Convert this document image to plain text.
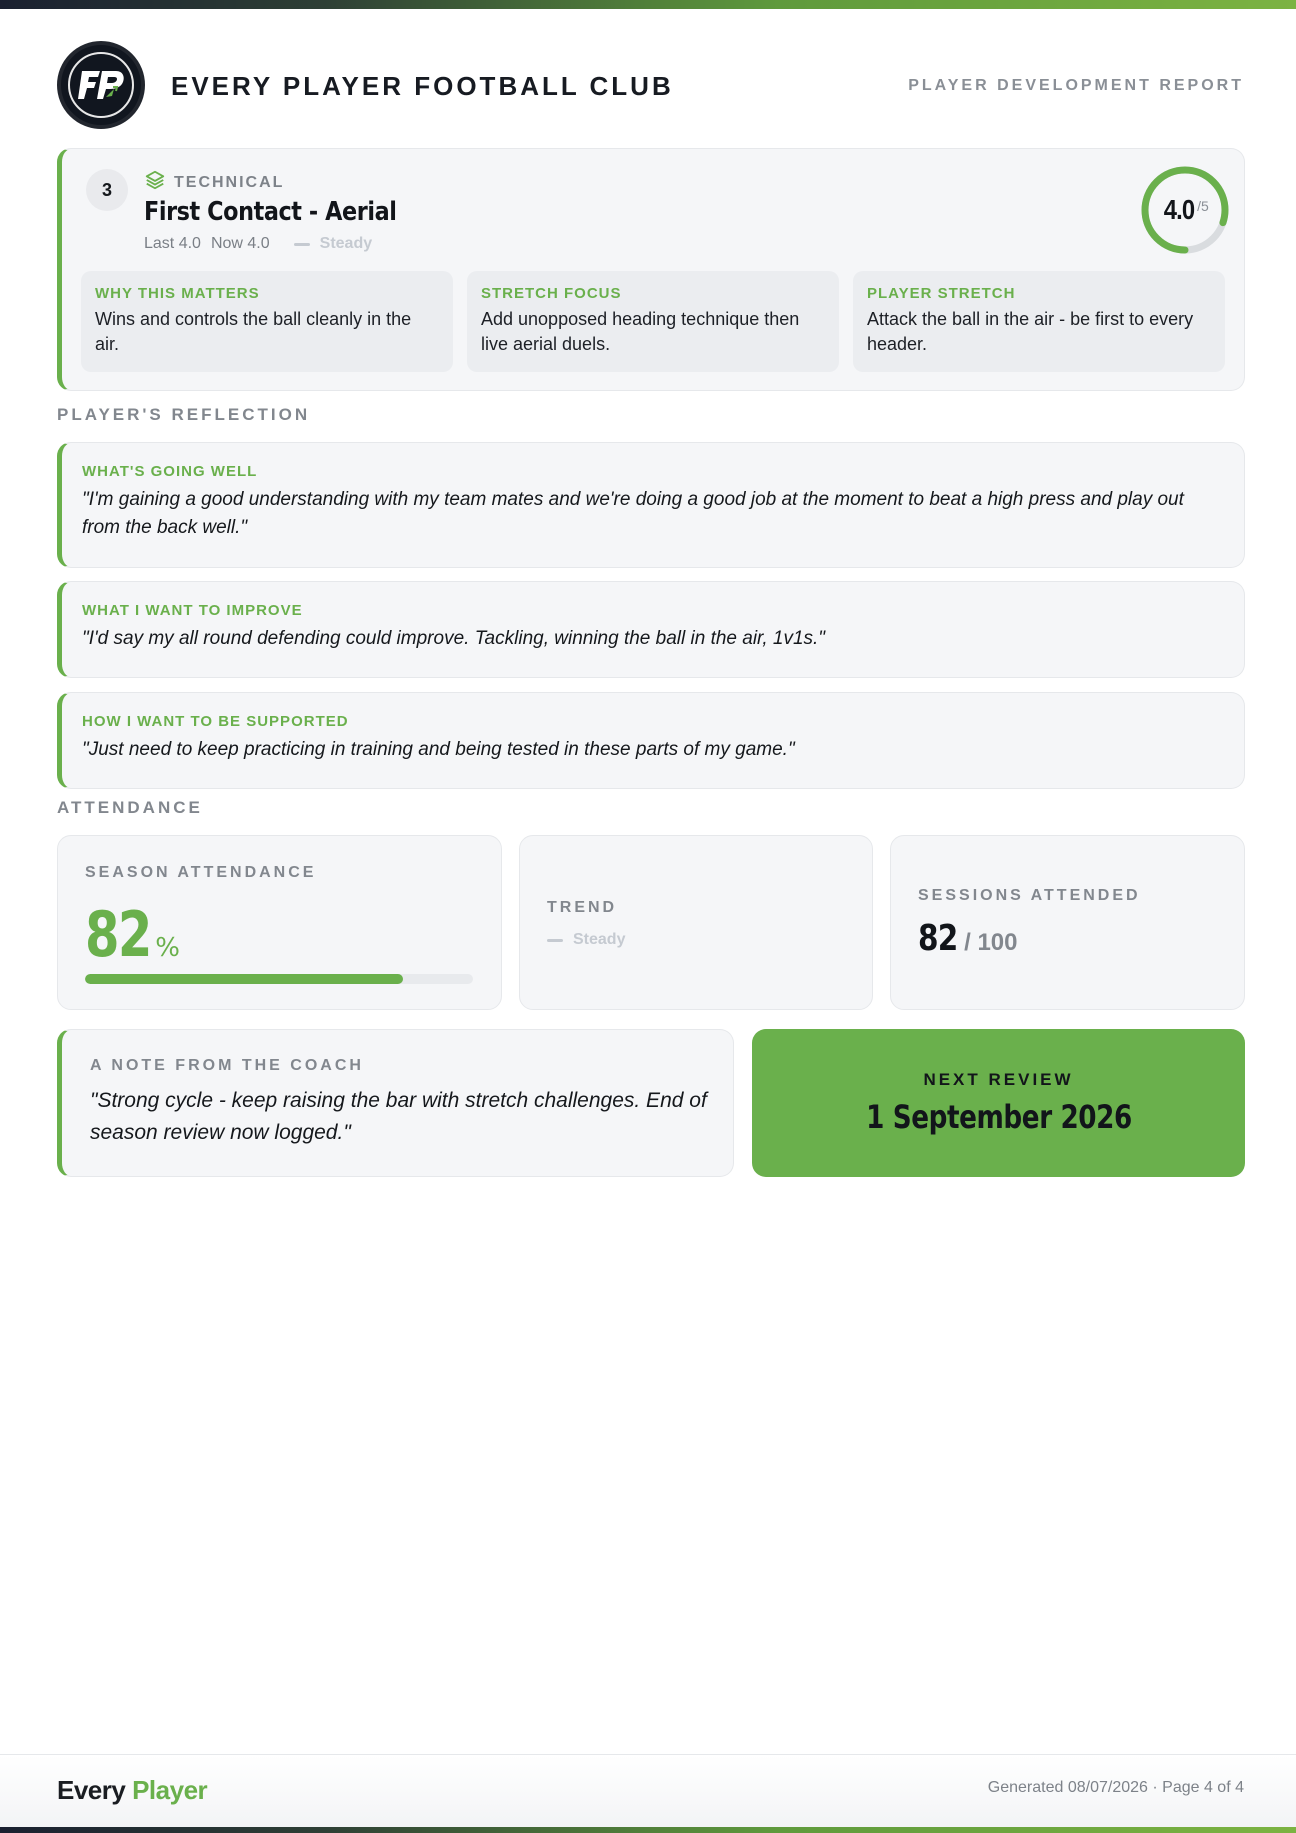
EVERY PLAYER FOOTBALL CLUB	PLAYER DEVELOPMENT REPORT
3	TECHNICAL
First Contact - Aerial
Last 4.0 Now 4.0	Steady
4.0 /5
WHY THIS MATTERS
Wins and controls the ball cleanly in the air.
STRETCH FOCUS
Add unopposed heading technique then live aerial duels.
PLAYER STRETCH
Attack the ball in the air - be first to every header.
PLAYER'S REFLECTION
WHAT'S GOING WELL
"I'm gaining a good understanding with my team mates and we're doing a good job at the moment to beat a high press and play out from the back well."
WHAT I WANT TO IMPROVE
"I'd say my all round defending could improve. Tackling, winning the ball in the air, 1v1s."
HOW I WANT TO BE SUPPORTED
"Just need to keep practicing in training and being tested in these parts of my game."
ATTENDANCE
SEASON ATTENDANCE
82 %
TREND
Steady
SESSIONS ATTENDED
82 / 100
A NOTE FROM THE COACH
"Strong cycle - keep raising the bar with stretch challenges. End of season review now logged."
NEXT REVIEW
1 September 2026
Every Player	Generated 08/07/2026 · Page 4 of 4
